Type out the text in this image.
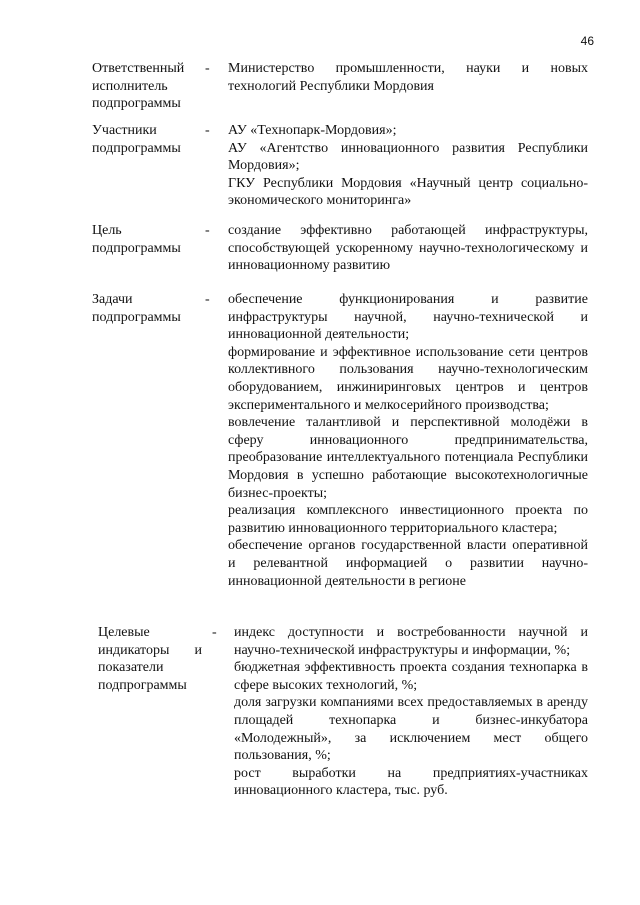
46
Ответственный исполнитель подпрограммы
- Министерство промышленности, науки и новых технологий Республики Мордовия

Участники подпрограммы
- АУ «Технопарк-Мордовия»;

АУ «Агентство инновационного развития Республики Мордовия»;

ГКУ Республики Мордовия «Научный центр социально-экономического мониторинга»

Цель подпрограммы
- создание эффективно работающей инфраструктуры, способствующей ускоренному научно-технологическому и инновационному развитию

Задачи подпрограммы
- обеспечение функционирования и развитие инфраструктуры научной, научно-технической и инновационной деятельности;

формирование и эффективное использование сети центров коллективного пользования научно-технологическим оборудованием, инжиниринговых центров и центров экспериментального и мелкосерийного производства;

вовлечение талантливой и перспективной молодёжи в сферу инновационного предпринимательства, преобразование интеллектуального потенциала Республики Мордовия в успешно работающие высокотехнологичные бизнес-проекты;

реализация комплексного инвестиционного проекта по развитию инновационного территориального кластера;

обеспечение органов государственной власти оперативной и релевантной информацией о развитии научно-инновационной деятельности в регионе

Целевые индикаторы и показатели подпрограммы
- индекс доступности и востребованности научной и научно-технической инфраструктуры и информации, %;

бюджетная эффективность проекта создания технопарка в сфере высоких технологий, %;

доля загрузки компаниями всех предоставляемых в аренду площадей технопарка и бизнес-инкубатора «Молодежный», за исключением мест общего пользования, %;

рост выработки на предприятиях-участниках инновационного кластера, тыс. руб.
